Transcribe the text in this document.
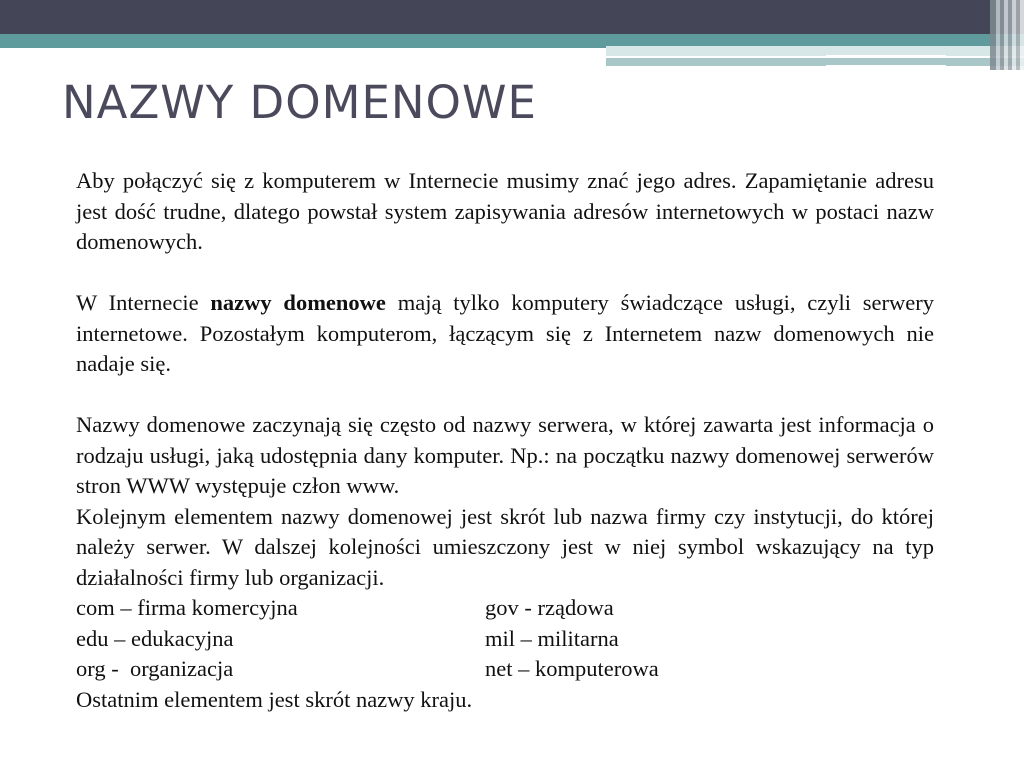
NAZWY DOMENOWE

Aby połączyć się z komputerem w Internecie musimy znać jego adres. Zapamiętanie adresu jest dość trudne, dlatego powstał system zapisywania adresów internetowych w postaci nazw domenowych.

W Internecie nazwy domenowe mają tylko komputery świadczące usługi, czyli serwery internetowe. Pozostałym komputerom, łączącym się z Internetem nazw domenowych nie nadaje się.

Nazwy domenowe zaczynają się często od nazwy serwera, w której zawarta jest informacja o rodzaju usługi, jaką udostępnia dany komputer. Np.: na początku nazwy domenowej serwerów stron WWW występuje człon www.

Kolejnym elementem nazwy domenowej jest skrót lub nazwa firmy czy instytucji, do której należy serwer. W dalszej kolejności umieszczony jest w niej symbol wskazujący na typ działalności firmy lub organizacji.

com – firma komercyjna	gov - rządowa
edu – edukacyjna	mil – militarna
org -  organizacja	net – komputerowa

Ostatnim elementem jest skrót nazwy kraju.
